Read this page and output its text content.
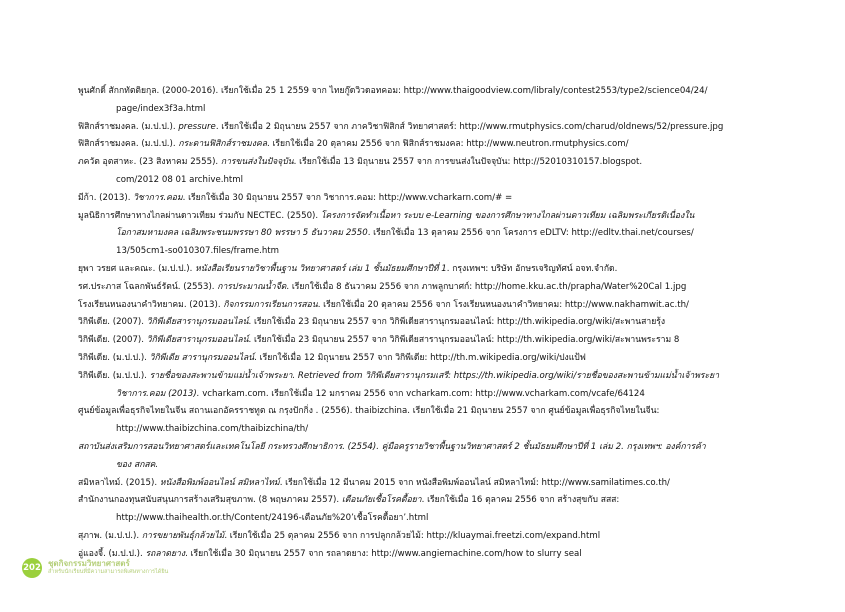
พูนศักดิ์ สักกทัตติยกุล. (2000-2016). เรียกใช้เมื่อ 25 1 2559 จาก ไทยกู๊ดวิวดอทคอม: http://www.thaigoodview.com/libraly/contest2553/type2/science04/24/
page/index3f3a.html
ฟิสิกส์ราชมงคล. (ม.ป.ป.). pressure. เรียกใช้เมื่อ 2 มิถุนายน 2557 จาก ภาควิชาฟิสิกส์ วิทยาศาสตร์: http://www.rmutphysics.com/charud/oldnews/52/pressure.jpg
ฟิสิกส์ราชมงคล. (ม.ป.ป.). กระดานฟิสิกส์ราชมงคล. เรียกใช้เมื่อ 20 ตุลาคม 2556 จาก ฟิสิกส์ราชมงคล: http://www.neutron.rmutphysics.com/
ภควัต อุตสาหะ. (23 สิงหาคม 2555). การขนส่งในปัจจุบัน. เรียกใช้เมื่อ 13 มิถุนายน 2557 จาก การขนส่งในปัจจุบัน: http://52010310157.blogspot.
com/2012 08 01 archive.html
มีก้า. (2013). วิชาการ.คอม. เรียกใช้เมื่อ 30 มิถุนายน 2557 จาก วิชาการ.คอม: http://www.vcharkarn.com/# =
มูลนิธิการศึกษาทางไกลผ่านดาวเทียม ร่วมกับ NECTEC. (2550). โครงการจัดทำเนื้อหา ระบบ e-Learning ของการศึกษาทางไกลผ่านดาวเทียม เฉลิมพระเกียรติเนื่องใน
โอกาสมหามงคล เฉลิมพระชนมพรรษา 80 พรรษา 5 ธันวาคม 2550. เรียกใช้เมื่อ 13 ตุลาคม 2556 จาก โครงการ eDLTV: http://edltv.thai.net/courses/
13/505cm1-so010307.files/frame.htm
ยุพา วรยศ และคณะ. (ม.ป.ป.). หนังสือเรียนรายวิชาพื้นฐาน วิทยาศาสตร์ เล่ม 1 ชั้นมัธยมศึกษาปีที่ 1. กรุงเทพฯ: บริษัท อักษรเจริญทัศน์ อจท.จำกัด.
รศ.ประภาส โฉลกพันธ์รัตน์. (2553). การประมาณน้ำจืด. เรียกใช้เมื่อ 8 ธันวาคม 2556 จาก ภาพลูกบาศก์: http://home.kku.ac.th/prapha/Water%20Cal 1.jpg
โรงเรียนหนองนาคำวิทยาคม. (2013). กิจกรรมการเรียนการสอน. เรียกใช้เมื่อ 20 ตุลาคม 2556 จาก โรงเรียนหนองนาคำวิทยาคม: http://www.nakhamwit.ac.th/
วิกิพีเดีย. (2007). วิกิพีเดียสารานุกรมออนไลน์. เรียกใช้เมื่อ 23 มิถุนายน 2557 จาก วิกิพีเดียสารานุกรมออนไลน์: http://th.wikipedia.org/wiki/สะพานสายรุ้ง
วิกิพีเดีย. (2007). วิกิพีเดียสารานุกรมออนไลน์. เรียกใช้เมื่อ 23 มิถุนายน 2557 จาก วิกิพีเดียสารานุกรมออนไลน์: http://th.wikipedia.org/wiki/สะพานพระราม 8
วิกิพีเดีย. (ม.ป.ป.). วิกิพีเดีย สารานุกรมออนไลน์. เรียกใช้เมื่อ 12 มิถุนายน 2557 จาก วิกิพีเดีย: http://th.m.wikipedia.org/wiki/ปงแป้ฟ
วิกิพีเดีย. (ม.ป.ป.). รายชื่อของสะพานข้ามแม่น้ำเจ้าพระยา. Retrieved from วิกิพีเดียสารานุกรมเสรี: https://th.wikipedia.org/wiki/รายชื่อของสะพานข้ามแม่น้ำเจ้าพระยา
วิชาการ.คอม (2013). vcharkam.com. เรียกใช้เมื่อ 12 มกราคม 2556 จาก vcharkam.com: http://www.vcharkam.com/vcafe/64124
ศูนย์ข้อมูลเพื่อธุรกิจไทยในจีน สถานเอกอัครราชทูต ณ กรุงปักกิ่ง . (2556). thaibizchina. เรียกใช้เมื่อ 21 มิถุนายน 2557 จาก ศูนย์ข้อมูลเพื่อธุรกิจไทยในจีน:
http://www.thaibizchina.com/thaibizchina/th/
สถาบันส่งเสริมการสอนวิทยาศาสตร์และเทคโนโลยี กระทรวงศึกษาธิการ. (2554). คู่มือครูรายวิชาพื้นฐานวิทยาศาสตร์ 2 ชั้นมัธยมศึกษาปีที่ 1 เล่ม 2. กรุงเทพฯ: องค์การค้า
ของ สกสค.
สมิหลาไทม์. (2015). หนังสือพิมพ์ออนไลน์ สมิหลาไทม์. เรียกใช้เมื่อ 12 มีนาคม 2015 จาก หนังสือพิมพ์ออนไลน์ สมิหลาไทม์: http://www.samilatimes.co.th/
สำนักงานกองทุนสนับสนุนการสร้างเสริมสุขภาพ. (8 พฤษภาคม 2557). เตือนภัยเชื้อโรคดื้อยา. เรียกใช้เมื่อ 16 ตุลาคม 2556 จาก สร้างสุขกับ สสส:
http://www.thaihealth.or.th/Content/24196-เตือนภัย%20’เชื้อโรคดื้อยา’.html
สุภาพ. (ม.ป.ป.). การขยายพันธุ์กล้วยไม้. เรียกใช้เมื่อ 25 ตุลาคม 2556 จาก การปลูกกล้วยไม้: http://kluaymai.freetzi.com/expand.html
อู่แองจี้. (ม.ป.ป.). รถลาดยาง. เรียกใช้เมื่อ 30 มิถุนายน 2557 จาก รถลาดยาง: http://www.angiemachine.com/how to slurry seal
202 ชุดกิจกรรมวิทยาศาสตร์
สำหรับนักเรียนที่มีความสามารถพิเศษทางการได้ยิน
